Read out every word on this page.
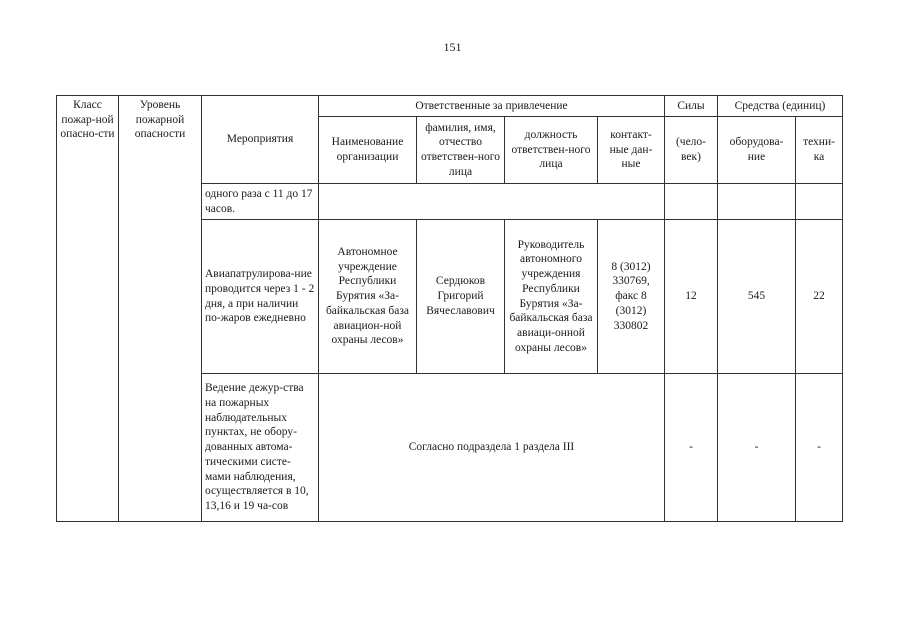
151
Класс пожар-ной опасно-сти	Уровень пожарной опасности	Мероприятия	Ответственные за привлечение				Силы	Средства (единиц)	
			Наименование организации	фамилия, имя, отчество ответствен-ного лица	должность ответствен-ного лица	контакт-ные дан-ные	(чело-век)	оборудова-ние	техни-ка
		одного раза с 11 до 17 часов.							
		Авиапатрулирова-ние проводится через 1 - 2 дня, а при наличии по-жаров ежедневно	Автономное учреждение Республики Бурятия «За-байкальская база авиацион-ной охраны лесов»	Сердюков Григорий Вячеславович	Руководитель автономного учреждения Республики Бурятия «За-байкальская база авиаци-онной охраны лесов»	8 (3012) 330769, факс 8 (3012) 330802	12	545	22
		Ведение дежур-ства на пожарных наблюдательных пунктах, не обору-дованных автома-тическими систе-мами наблюдения, осуществляется в 10, 13,16 и 19 ча-сов	Согласно подраздела 1 раздела III				-	-	-
